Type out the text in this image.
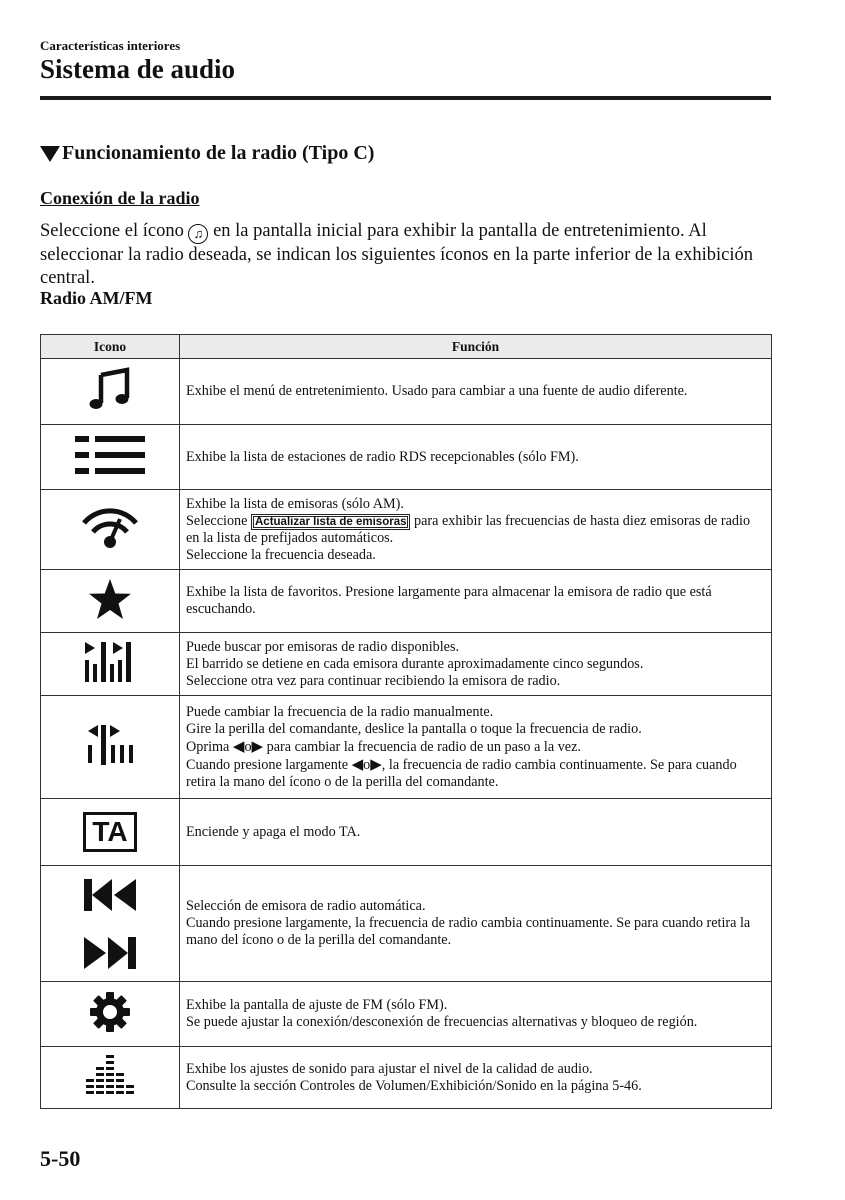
Características interiores
Sistema de audio
Funcionamiento de la radio (Tipo C)
Conexión de la radio
Seleccione el ícono ♫ en la pantalla inicial para exhibir la pantalla de entretenimiento. Al seleccionar la radio deseada, se indican los siguientes íconos en la parte inferior de la exhibición central.
Radio AM/FM
Icono	Función

Exhibe el menú de entretenimiento. Usado para cambiar a una fuente de audio diferente.

Exhibe la lista de estaciones de radio RDS recepcionables (sólo FM).

Exhibe la lista de emisoras (sólo AM).
Seleccione Actualizar lista de emisoras para exhibir las frecuencias de hasta diez emisoras de radio en la lista de prefijados automáticos.
Seleccione la frecuencia deseada.

Exhibe la lista de favoritos. Presione largamente para almacenar la emisora de radio que está escuchando.

Puede buscar por emisoras de radio disponibles.
El barrido se detiene en cada emisora durante aproximadamente cinco segundos.
Seleccione otra vez para continuar recibiendo la emisora de radio.

Puede cambiar la frecuencia de la radio manualmente.
Gire la perilla del comandante, deslice la pantalla o toque la frecuencia de radio.
Oprima ◀o▶ para cambiar la frecuencia de radio de un paso a la vez.
Cuando presione largamente ◀o▶, la frecuencia de radio cambia continuamente. Se para cuando retira la mano del ícono o de la perilla del comandante.

TA	Enciende y apaga el modo TA.

Selección de emisora de radio automática.
Cuando presione largamente, la frecuencia de radio cambia continuamente. Se para cuando retira la mano del ícono o de la perilla del comandante.

Exhibe la pantalla de ajuste de FM (sólo FM).
Se puede ajustar la conexión/desconexión de frecuencias alternativas y bloqueo de región.

Exhibe los ajustes de sonido para ajustar el nivel de la calidad de audio.
Consulte la sección Controles de Volumen/Exhibición/Sonido en la página 5-46.
5-50
